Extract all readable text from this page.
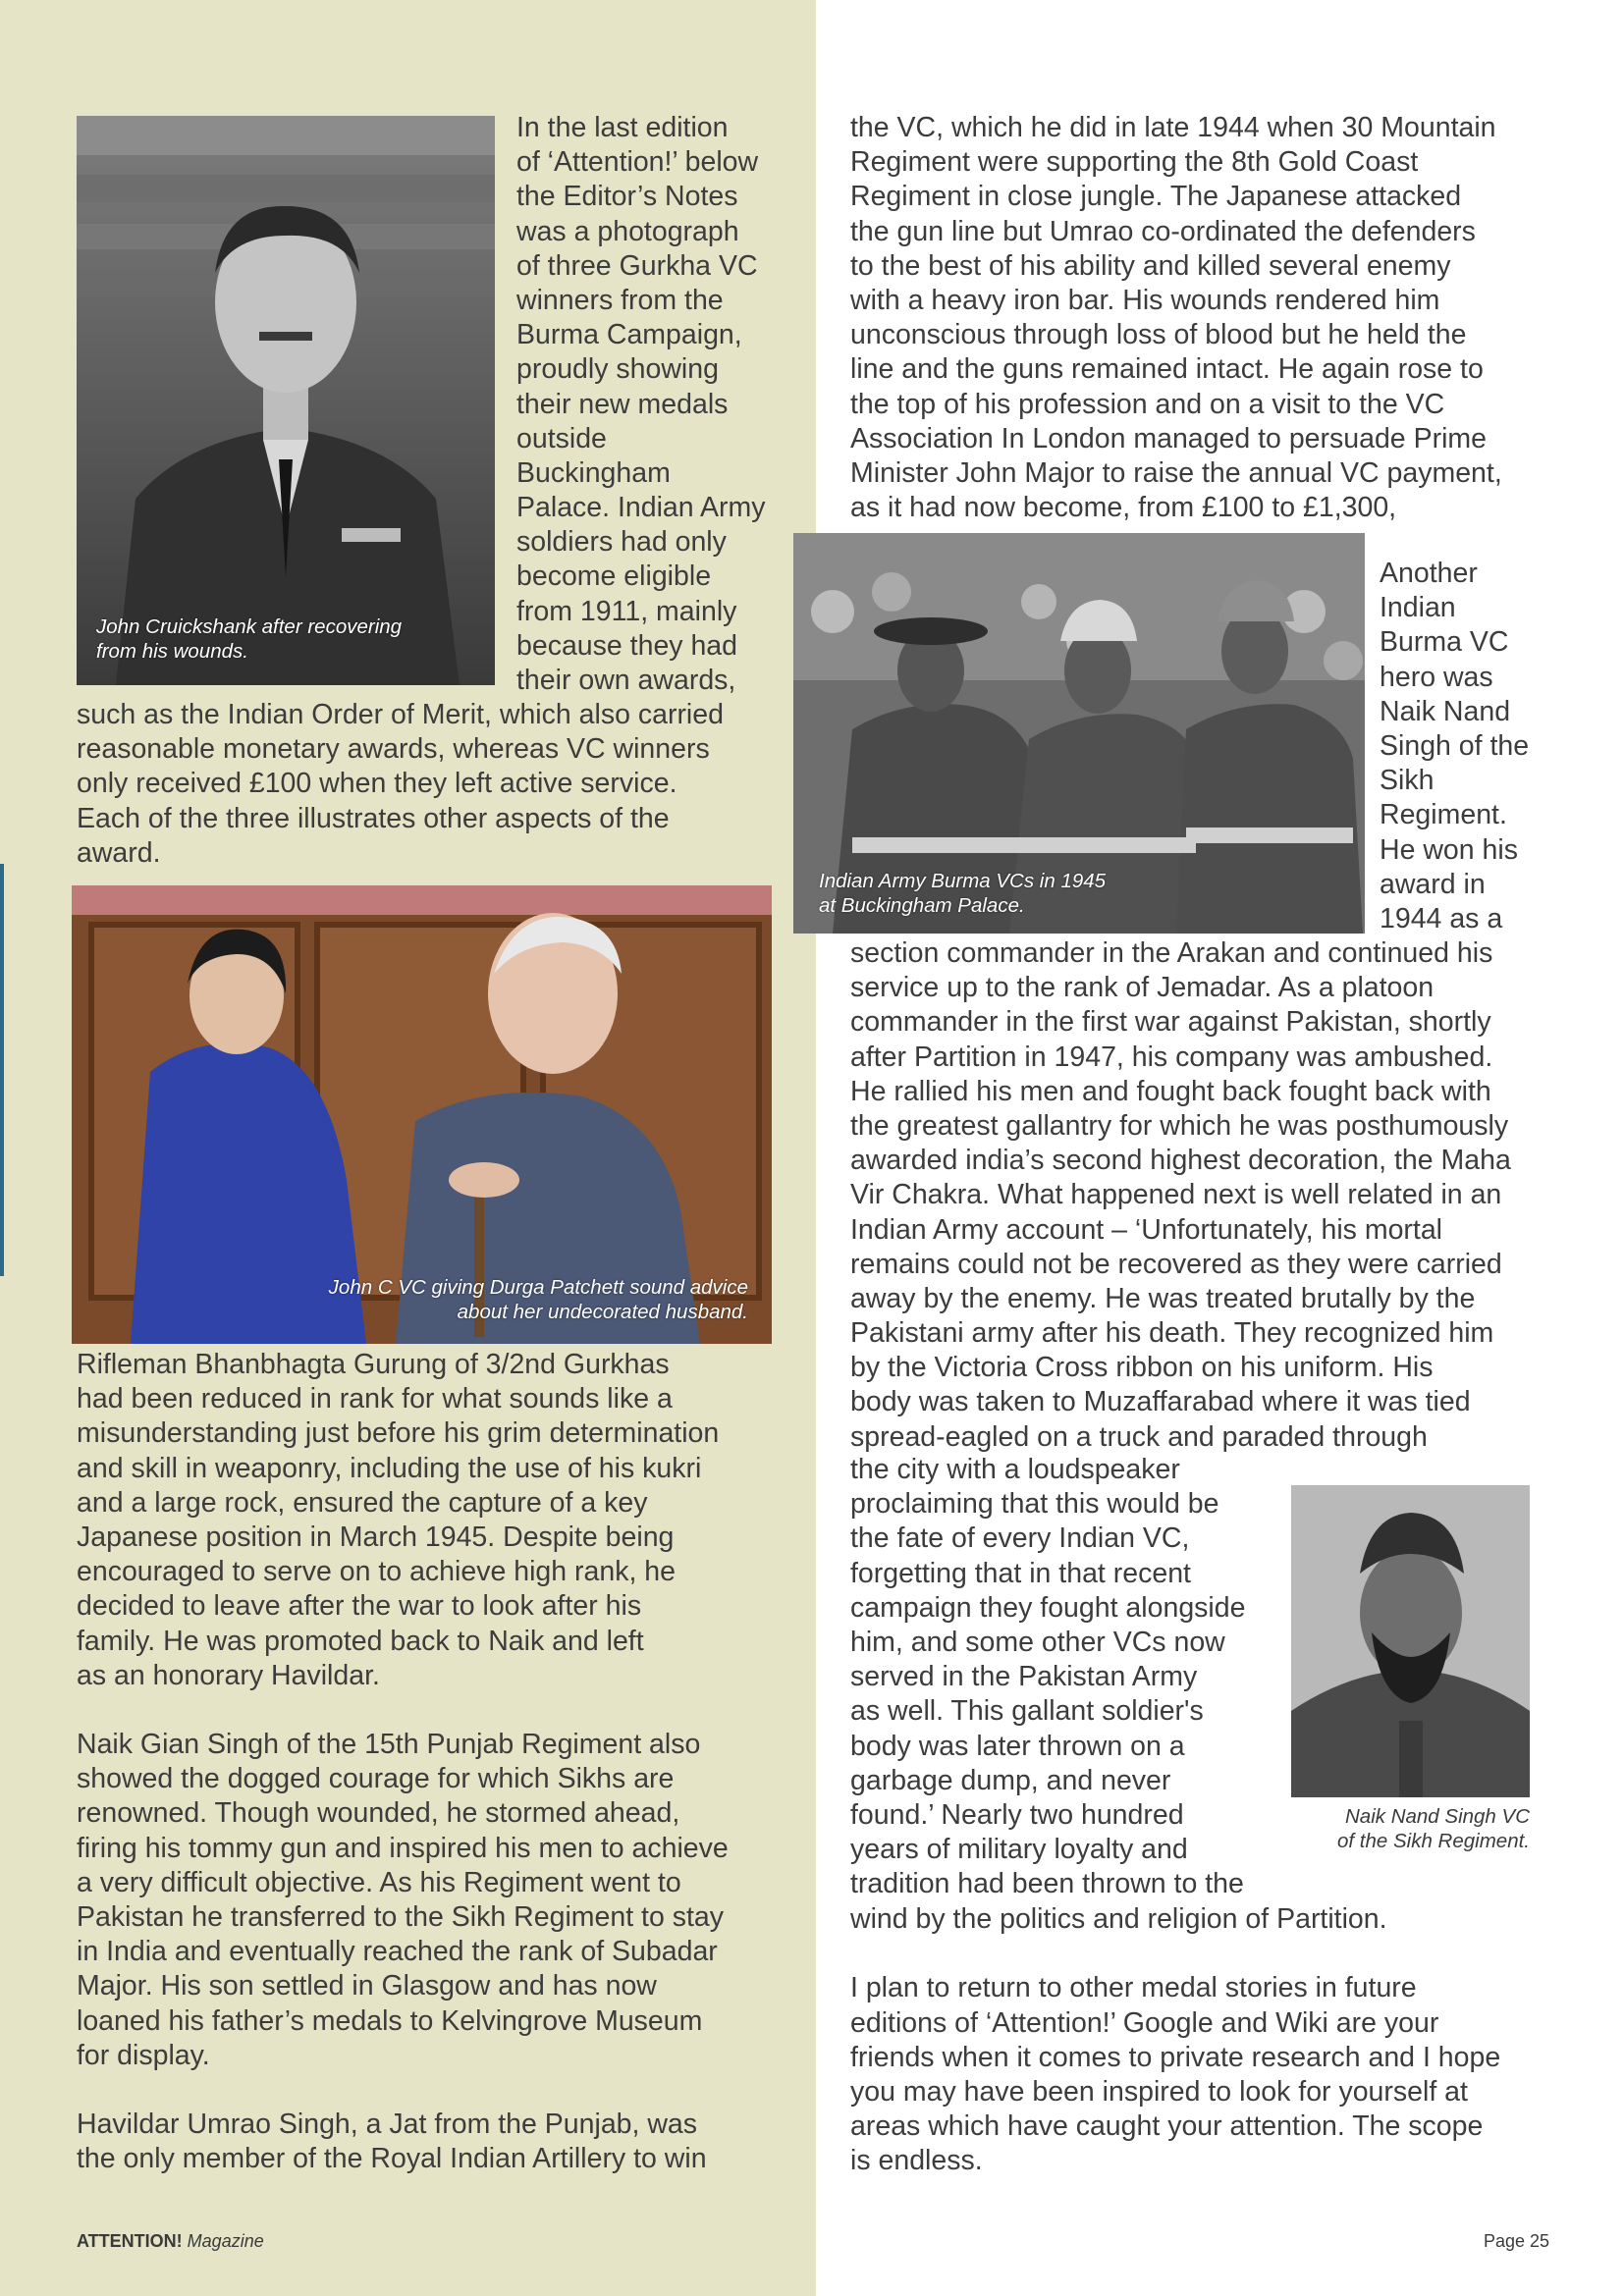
John Cruickshank after recovering
from his wounds.
In the last edition
of ‘Attention!’ below
the Editor’s Notes
was a photograph
of three Gurkha VC
winners from the
Burma Campaign,
proudly showing
their new medals
outside
Buckingham
Palace. Indian Army
soldiers had only
become eligible
from 1911, mainly
because they had
their own awards,
such as the Indian Order of Merit, which also carried
reasonable monetary awards, whereas VC winners
only received £100 when they left active service.
Each of the three illustrates other aspects of the
award.
John C VC giving Durga Patchett sound advice
about her undecorated husband.
Rifleman Bhanbhagta Gurung of 3/2nd Gurkhas
had been reduced in rank for what sounds like a
misunderstanding just before his grim determination
and skill in weaponry, including the use of his kukri
and a large rock, ensured the capture of a key
Japanese position in March 1945. Despite being
encouraged to serve on to achieve high rank, he
decided to leave after the war to look after his
family. He was promoted back to Naik and left
as an honorary Havildar.
Naik Gian Singh of the 15th Punjab Regiment also
showed the dogged courage for which Sikhs are
renowned. Though wounded, he stormed ahead,
firing his tommy gun and inspired his men to achieve
a very difficult objective. As his Regiment went to
Pakistan he transferred to the Sikh Regiment to stay
in India and eventually reached the rank of Subadar
Major. His son settled in Glasgow and has now
loaned his father’s medals to Kelvingrove Museum
for display.
Havildar Umrao Singh, a Jat from the Punjab, was
the only member of the Royal Indian Artillery to win
the VC, which he did in late 1944 when 30 Mountain
Regiment were supporting the 8th Gold Coast
Regiment in close jungle. The Japanese attacked
the gun line but Umrao co-ordinated the defenders
to the best of his ability and killed several enemy
with a heavy iron bar. His wounds rendered him
unconscious through loss of blood but he held the
line and the guns remained intact. He again rose to
the top of his profession and on a visit to the VC
Association In London managed to persuade Prime
Minister John Major to raise the annual VC payment,
as it had now become, from £100 to £1,300,
Indian Army Burma VCs in 1945
at Buckingham Palace.
Another
Indian
Burma VC
hero was
Naik Nand
Singh of the
Sikh
Regiment.
He won his
award in
1944 as a
section commander in the Arakan and continued his
service up to the rank of Jemadar. As a platoon
commander in the first war against Pakistan, shortly
after Partition in 1947, his company was ambushed.
He rallied his men and fought back fought back with
the greatest gallantry for which he was posthumously
awarded india’s second highest decoration, the Maha
Vir Chakra. What happened next is well related in an
Indian Army account – ‘Unfortunately, his mortal
remains could not be recovered as they were carried
away by the enemy. He was treated brutally by the
Pakistani army after his death. They recognized him
by the Victoria Cross ribbon on his uniform. His
body was taken to Muzaffarabad where it was tied
spread-eagled on a truck and paraded through
Naik Nand Singh VC
of the Sikh Regiment.
the city with a loudspeaker
proclaiming that this would be
the fate of every Indian VC,
forgetting that in that recent
campaign they fought alongside
him, and some other VCs now
served in the Pakistan Army
as well. This gallant soldier's
body was later thrown on a
garbage dump, and never
found.’ Nearly two hundred
years of military loyalty and
tradition had been thrown to the
wind by the politics and religion of Partition.
I plan to return to other medal stories in future
editions of ‘Attention!’ Google and Wiki are your
friends when it comes to private research and I hope
you may have been inspired to look for yourself at
areas which have caught your attention. The scope
is endless.
ATTENTION! Magazine	Page 25
